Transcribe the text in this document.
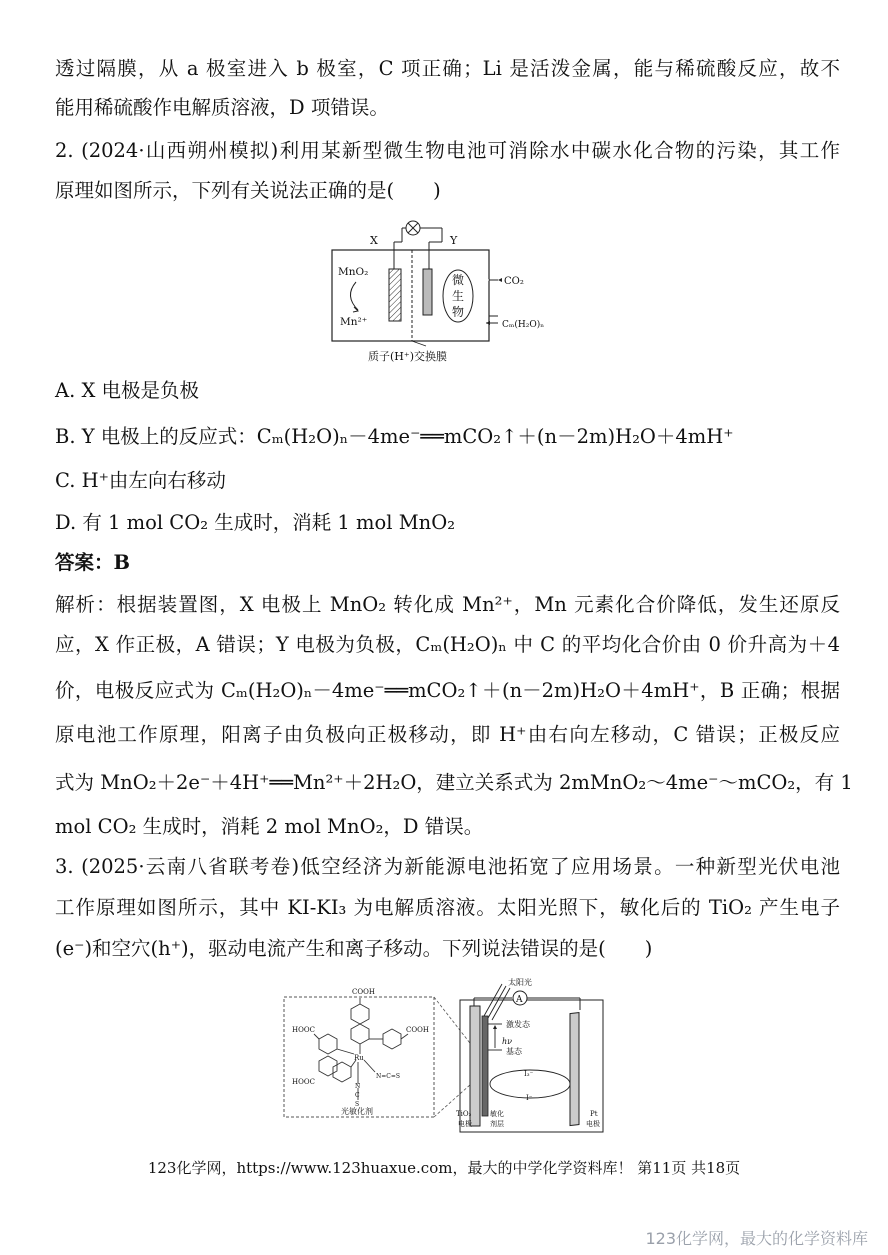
透过隔膜，从 a 极室进入 b 极室，C 项正确；Li 是活泼金属，能与稀硫酸反应，故不
能用稀硫酸作电解质溶液，D 项错误。
2. (2024·山西朔州模拟)利用某新型微生物电池可消除水中碳水化合物的污染，其工作
原理如图所示，下列有关说法正确的是(　　)
X	Y
微
生
物
MnO₂
Mn²⁺
CO₂
Cₘ(H₂O)ₙ
质子(H⁺)交换膜
A. X 电极是负极
B. Y 电极上的反应式：Cₘ(H₂O)ₙ－4me⁻══mCO₂↑＋(n－2m)H₂O＋4mH⁺
C. H⁺由左向右移动
D. 有 1 mol CO₂ 生成时，消耗 1 mol MnO₂
答案：B
解析：根据装置图，X 电极上 MnO₂ 转化成 Mn²⁺，Mn 元素化合价降低，发生还原反
应，X 作正极，A 错误；Y 电极为负极，Cₘ(H₂O)ₙ 中 C 的平均化合价由 0 价升高为＋4
价，电极反应式为 Cₘ(H₂O)ₙ－4me⁻══mCO₂↑＋(n－2m)H₂O＋4mH⁺，B 正确；根据
原电池工作原理，阳离子由负极向正极移动，即 H⁺由右向左移动，C 错误；正极反应
式为 MnO₂＋2e⁻＋4H⁺══Mn²⁺＋2H₂O，建立关系式为 2mMnO₂～4me⁻～mCO₂，有 1
mol CO₂ 生成时，消耗 2 mol MnO₂，D 错误。
3. (2025·云南八省联考卷)低空经济为新能源电池拓宽了应用场景。一种新型光伏电池
工作原理如图所示，其中 KI-KI₃ 为电解质溶液。太阳光照下，敏化后的 TiO₂ 产生电子
(e⁻)和空穴(h⁺)，驱动电流产生和离子移动。下列说法错误的是(　　)
COOH
HOOC	COOH
HOOC
Ru
N=C=S
N
C
S
光敏化剂
A
太阳光
激发态
hν
基态
I₃⁻
I⁻
TiO₂
电极
敏化
剂层
Pt
电极
123化学网，https://www.123huaxue.com，最大的中学化学资料库！ 第11页 共18页
123化学网，最大的化学资料库
